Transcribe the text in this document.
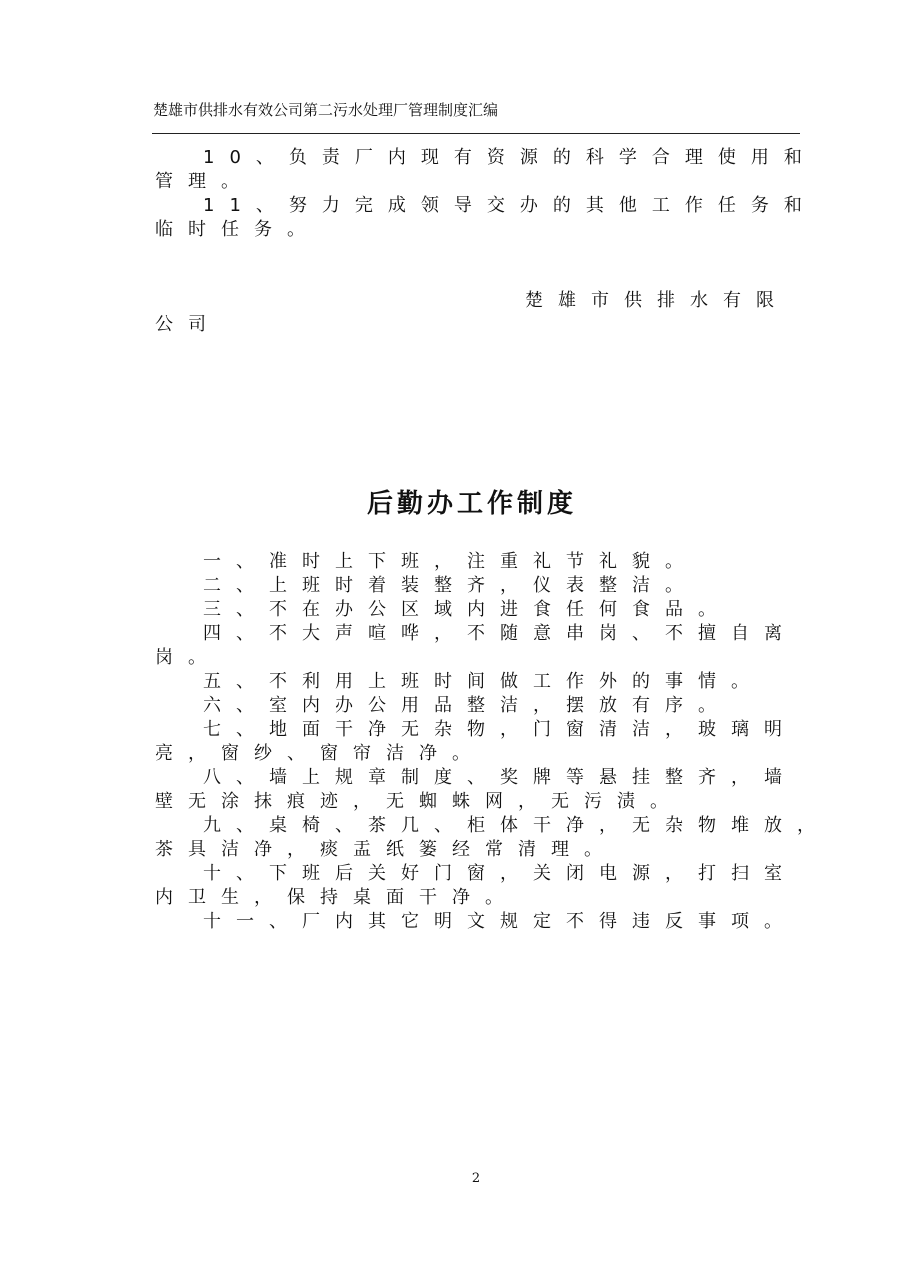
楚雄市供排水有效公司第二污水处理厂管理制度汇编
10、负责厂内现有资源的科学合理使用和
管理。
11、努力完成领导交办的其他工作任务和
临时任务。
楚雄市供排水有限
公司
后勤办工作制度
一、准时上下班，注重礼节礼貌。
二、上班时着装整齐，仪表整洁。
三、不在办公区域内进食任何食品。
四、不大声喧哗，不随意串岗、不擅自离
岗。
五、不利用上班时间做工作外的事情。
六、室内办公用品整洁，摆放有序。
七、地面干净无杂物，门窗清洁，玻璃明
亮，窗纱、窗帘洁净。
八、墙上规章制度、奖牌等悬挂整齐，墙
壁无涂抹痕迹，无蜘蛛网，无污渍。
九、桌椅、茶几、柜体干净，无杂物堆放，
茶具洁净，痰盂纸篓经常清理。
十、下班后关好门窗，关闭电源，打扫室
内卫生，保持桌面干净。
十一、厂内其它明文规定不得违反事项。
2
